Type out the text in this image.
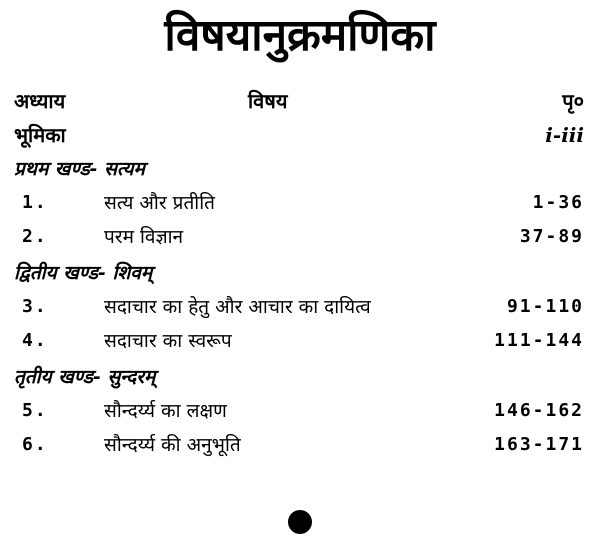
विषयानुक्रमणिका
अध्याय	विषय	पृ०
भूमिका	i-iii
प्रथम खण्ड- सत्यम
1.	सत्य और प्रतीति	1-36
2.	परम विज्ञान	37-89
द्वितीय खण्ड- शिवम्
3.	सदाचार का हेतु और आचार का दायित्व	91-110
4.	सदाचार का स्वरूप	111-144
तृतीय खण्ड- सुन्दरम्
5.	सौन्दर्य्य का लक्षण	146-162
6.	सौन्दर्य्य की अनुभूति	163-171
